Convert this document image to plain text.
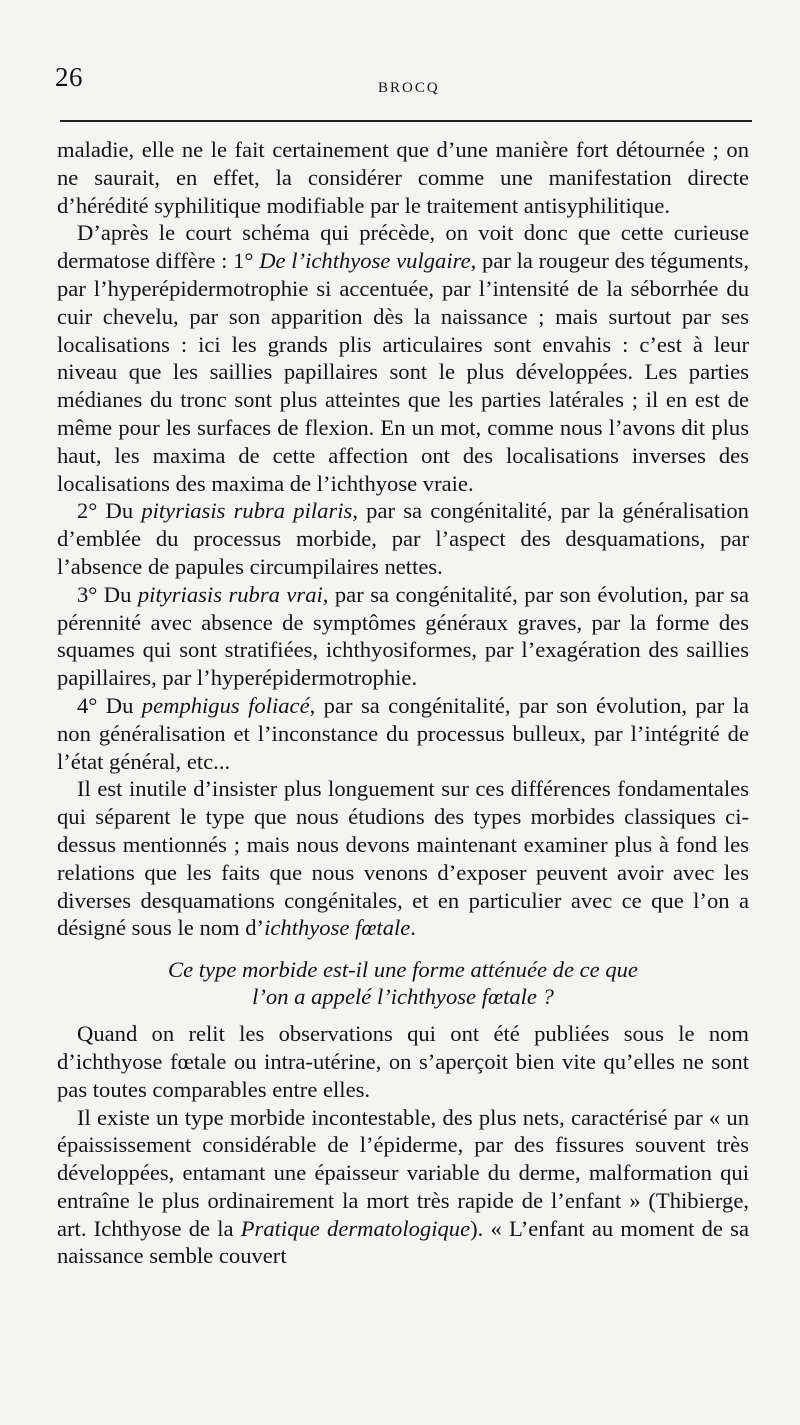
26	BROCQ

maladie, elle ne le fait certainement que d’une manière fort détournée ; on ne saurait, en effet, la considérer comme une manifestation directe d’hérédité syphilitique modifiable par le traitement antisyphilitique.

D’après le court schéma qui précède, on voit donc que cette curieuse dermatose diffère : 1° De l’ichthyose vulgaire, par la rougeur des téguments, par l’hyperépidermotrophie si accentuée, par l’intensité de la séborrhée du cuir chevelu, par son apparition dès la naissance ; mais surtout par ses localisations : ici les grands plis articulaires sont envahis : c’est à leur niveau que les saillies papillaires sont le plus développées. Les parties médianes du tronc sont plus atteintes que les parties latérales ; il en est de même pour les surfaces de flexion. En un mot, comme nous l’avons dit plus haut, les maxima de cette affection ont des localisations inverses des localisations des maxima de l’ichthyose vraie.

2° Du pityriasis rubra pilaris, par sa congénitalité, par la généralisation d’emblée du processus morbide, par l’aspect des desquamations, par l’absence de papules circumpilaires nettes.

3° Du pityriasis rubra vrai, par sa congénitalité, par son évolution, par sa pérennité avec absence de symptômes généraux graves, par la forme des squames qui sont stratifiées, ichthyosiformes, par l’exagération des saillies papillaires, par l’hyperépidermotrophie.

4° Du pemphigus foliacé, par sa congénitalité, par son évolution, par la non généralisation et l’inconstance du processus bulleux, par l’intégrité de l’état général, etc...

Il est inutile d’insister plus longuement sur ces différences fondamentales qui séparent le type que nous étudions des types morbides classiques ci-dessus mentionnés ; mais nous devons maintenant examiner plus à fond les relations que les faits que nous venons d’exposer peuvent avoir avec les diverses desquamations congénitales, et en particulier avec ce que l’on a désigné sous le nom d’ichthyose fœtale.

Ce type morbide est-il une forme atténuée de ce que
l’on a appelé l’ichthyose fœtale ?

Quand on relit les observations qui ont été publiées sous le nom d’ichthyose fœtale ou intra-utérine, on s’aperçoit bien vite qu’elles ne sont pas toutes comparables entre elles.

Il existe un type morbide incontestable, des plus nets, caractérisé par « un épaississement considérable de l’épiderme, par des fissures souvent très développées, entamant une épaisseur variable du derme, malformation qui entraîne le plus ordinairement la mort très rapide de l’enfant » (Thibierge, art. Ichthyose de la Pratique dermatologique). « L’enfant au moment de sa naissance semble couvert
